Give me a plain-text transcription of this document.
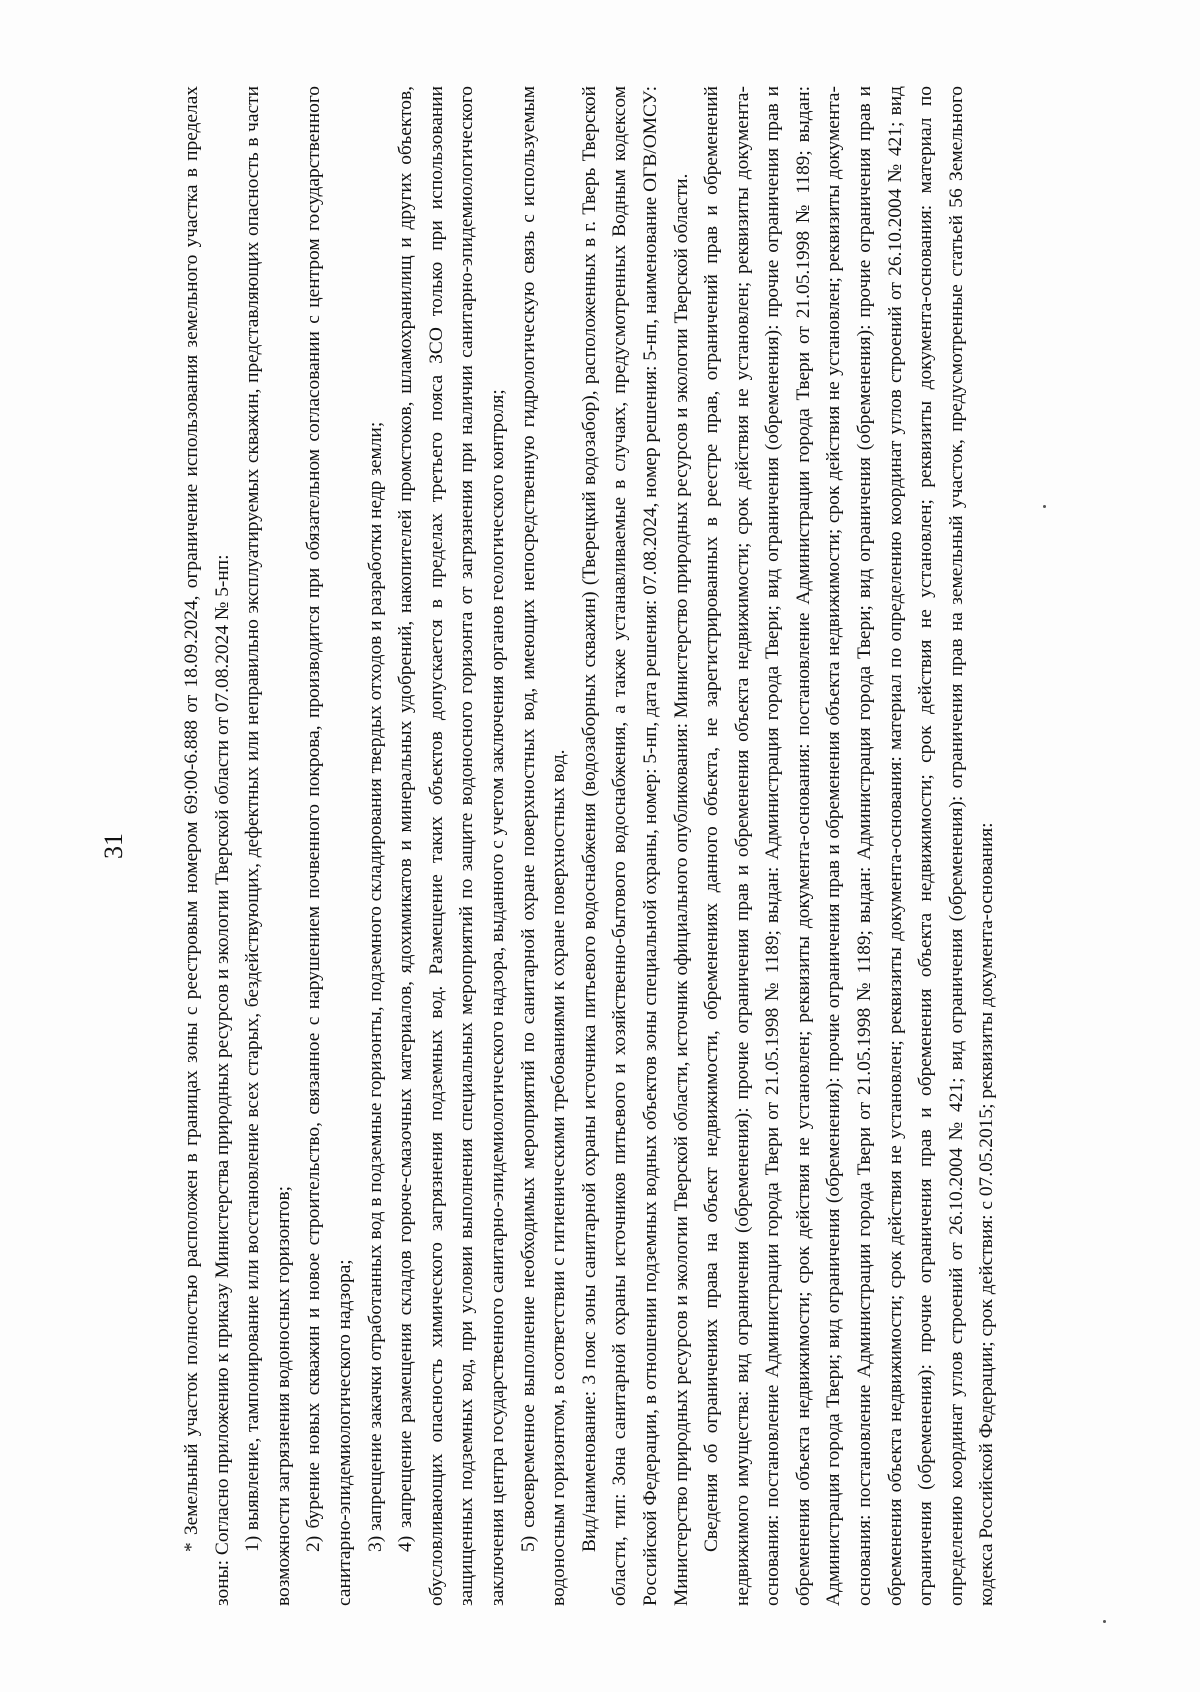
31	* Земельный участок полностью расположен в границах зоны с реестровым номером 69:00-6.888 от 18.09.2024, ограничение использования земельного участка в пределах зоны: Согласно приложению к приказу Министерства природных ресурсов и экологии Тверской области от 07.08.2024 № 5-нп: 1) выявление, тампонирование или восстановление всех старых, бездействующих, дефектных или неправильно эксплуатируемых скважин, представляющих опасность в части возможности загрязнения водоносных горизонтов; 2) бурение новых скважин и новое строительство, связанное с нарушением почвенного покрова, производится при обязательном согласовании с центром государственного санитарно-эпидемиологического надзора; 3) запрещение закачки отработанных вод в подземные горизонты, подземного складирования твердых отходов и разработки недр земли; 4) запрещение размещения складов горюче-смазочных материалов, ядохимикатов и минеральных удобрений, накопителей промстоков, шламохранилищ и других объектов, обусловливающих опасность химического загрязнения подземных вод. Размещение таких объектов допускается в пределах третьего пояса ЗСО только при использовании защищенных подземных вод, при условии выполнения специальных мероприятий по защите водоносного горизонта от загрязнения при наличии санитарно-эпидемиологического заключения центра государственного санитарно-эпидемиологического надзора, выданного с учетом заключения органов геологического контроля; 5) своевременное выполнение необходимых мероприятий по санитарной охране поверхностных вод, имеющих непосредственную гидрологическую связь с используемым водоносным горизонтом, в соответствии с гигиеническими требованиями к охране поверхностных вод. Вид/наименование: 3 пояс зоны санитарной охраны источника питьевого водоснабжения (водозаборных скважин) (Тверецкий водозабор), расположенных в г. Тверь Тверской области, тип: Зона санитарной охраны источников питьевого и хозяйственно-бытового водоснабжения, а также устанавливаемые в случаях, предусмотренных Водным кодексом Российской Федерации, в отношении подземных водных объектов зоны специальной охраны, номер: 5-нп, дата решения: 07.08.2024, номер решения: 5-нп, наименование ОГВ/ОМСУ: Министерство природных ресурсов и экологии Тверской области, источник официального опубликования: Министерство природных ресурсов и экологии Тверской области. Сведения об ограничениях права на объект недвижимости, обременениях данного объекта, не зарегистрированных в реестре прав, ограничений прав и обременений недвижимого имущества: вид ограничения (обременения): прочие ограничения прав и обременения объекта недвижимости; срок действия не установлен; реквизиты документа-основания: постановление Администрации города Твери от 21.05.1998 № 1189; выдан: Администрация города Твери; вид ограничения (обременения): прочие ограничения прав и обременения объекта недвижимости; срок действия не установлен; реквизиты документа-основания: постановление Администрации города Твери от 21.05.1998 № 1189; выдан: Администрация города Твери; вид ограничения (обременения): прочие ограничения прав и обременения объекта недвижимости; срок действия не установлен; реквизиты документа-основания: постановление Администрации города Твери от 21.05.1998 № 1189; выдан: Администрация города Твери; вид ограничения (обременения): прочие ограничения прав и обременения объекта недвижимости; срок действия не установлен; реквизиты документа-основания: материал по определению координат углов строений от 26.10.2004 № 421; вид ограничения (обременения): прочие ограничения прав и обременения объекта недвижимости; срок действия не установлен; реквизиты документа-основания: материал по определению координат углов строений от 26.10.2004 № 421; вид ограничения (обременения): ограничения прав на земельный участок, предусмотренные статьей 56 Земельного кодекса Российской Федерации; срок действия: с 07.05.2015; реквизиты документа-основания:
